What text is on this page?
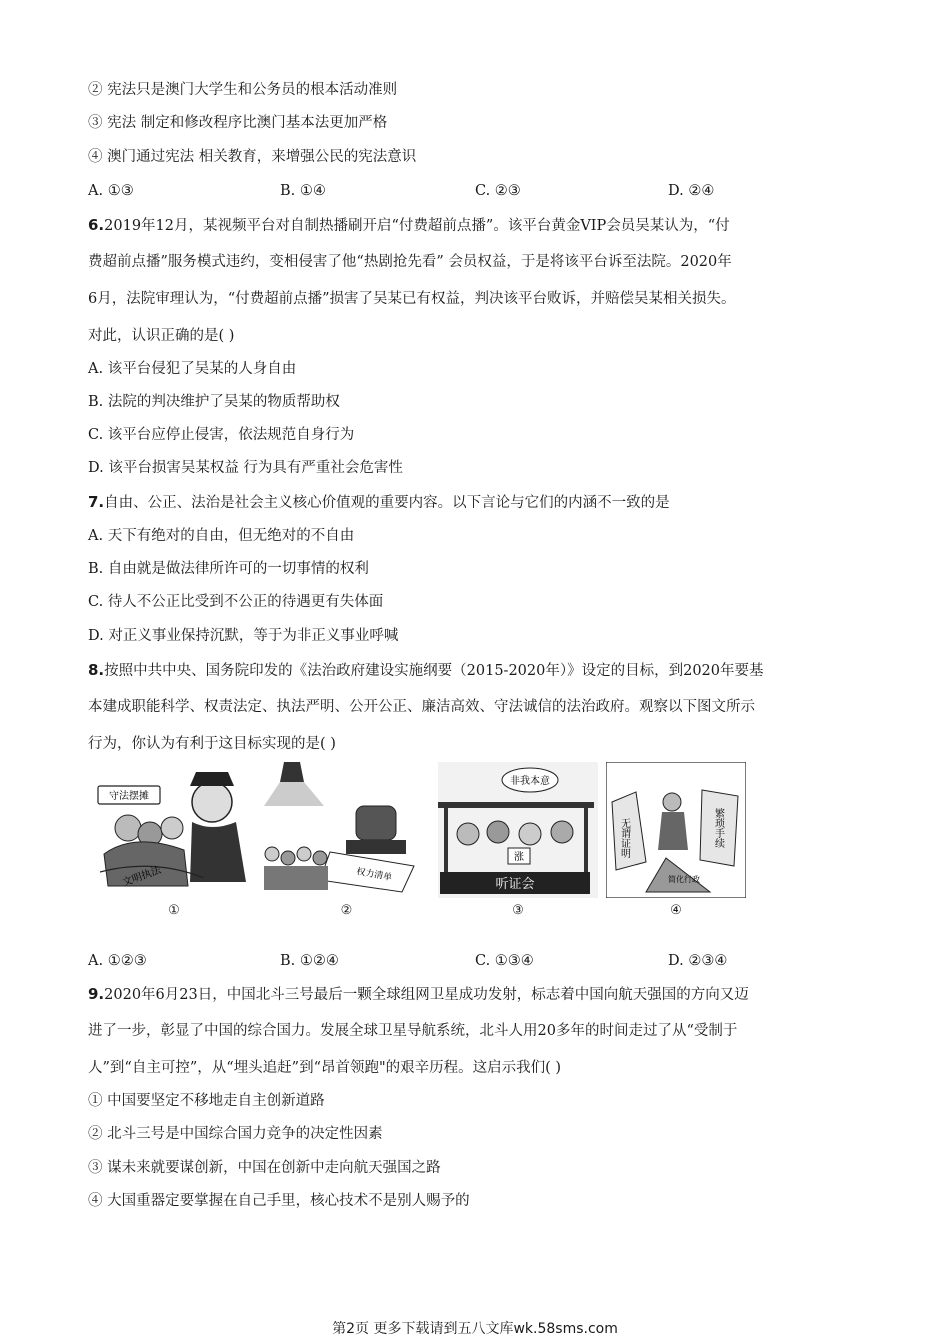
② 宪法只是澳门大学生和公务员的根本活动准则
③ 宪法 制定和修改程序比澳门基本法更加严格
④ 澳门通过宪法 相关教育，来增强公民的宪法意识
A. ①③	B. ①④	C. ②③	D. ②④
6.2019年12月，某视频平台对自制热播刷开启“付费超前点播”。该平台黄金VIP会员吴某认为，“付
费超前点播”服务模式违约，变相侵害了他“热剧抢先看” 会员权益，于是将该平台诉至法院。2020年
6月，法院审理认为，“付费超前点播”损害了吴某已有权益，判决该平台败诉，并赔偿吴某相关损失。
对此，认识正确的是( )
A. 该平台侵犯了吴某的人身自由
B. 法院的判决维护了吴某的物质帮助权
C. 该平台应停止侵害，依法规范自身行为
D. 该平台损害吴某权益 行为具有严重社会危害性
7.自由、公正、法治是社会主义核心价值观的重要内容。以下言论与它们的内涵不一致的是
A. 天下有绝对的自由，但无绝对的不自由
B. 自由就是做法律所许可的一切事情的权利
C. 待人不公正比受到不公正的待遇更有失体面
D. 对正义事业保持沉默，等于为非正义事业呼喊
8.按照中共中央、国务院印发的《法治政府建设实施纲要（2015-2020年）》设定的目标，到2020年要基
本建成职能科学、权责法定、执法严明、公开公正、廉洁高效、守法诚信的法治政府。观察以下图文所示
行为，你认为有利于这目标实现的是( )
守法摆摊
文明执法
①
权力清单
②
非我本意
涨
听证会
③
无谓证明	繁琐手续
简化行政
④
A. ①②③	B. ①②④	C. ①③④	D. ②③④
9.2020年6月23日，中国北斗三号最后一颗全球组网卫星成功发射，标志着中国向航天强国的方向又迈
进了一步，彰显了中国的综合国力。发展全球卫星导航系统，北斗人用20多年的时间走过了从“受制于
人”到“自主可控”，从“埋头追赶”到“昂首领跑"的艰辛历程。这启示我们( )
① 中国要坚定不移地走自主创新道路
② 北斗三号是中国综合国力竞争的决定性因素
③ 谋未来就要谋创新，中国在创新中走向航天强国之路
④ 大国重器定要掌握在自己手里，核心技术不是别人赐予的
第2页 更多下载请到五八文库wk.58sms.com
